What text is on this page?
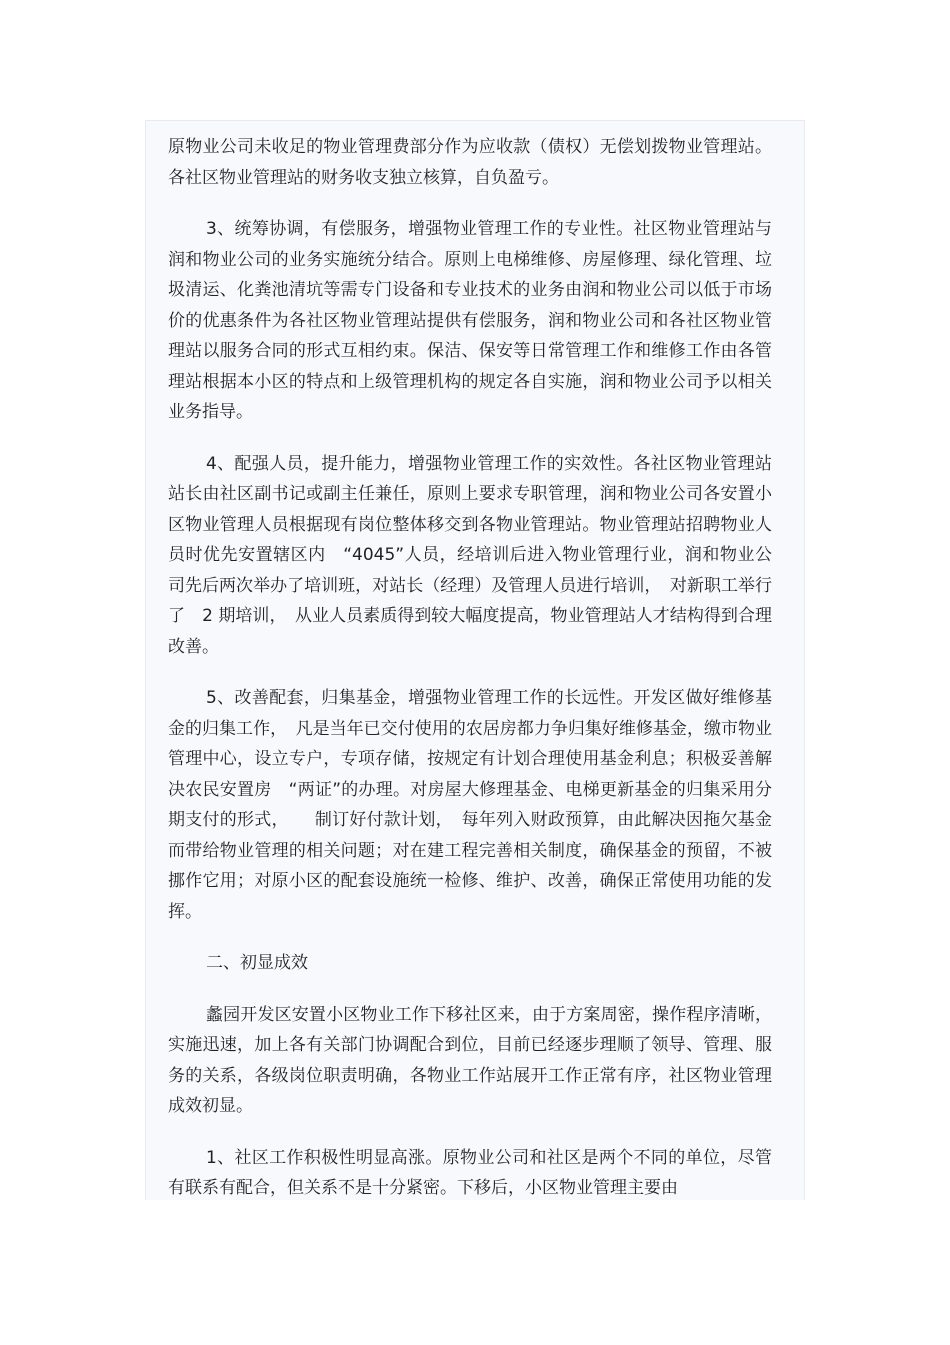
原物业公司未收足的物业管理费部分作为应收款（债权）无偿划拨物业管理站。各社区物业管理站的财务收支独立核算，自负盈亏。

3、统筹协调，有偿服务，增强物业管理工作的专业性。社区物业管理站与润和物业公司的业务实施统分结合。原则上电梯维修、房屋修理、绿化管理、垃圾清运、化粪池清坑等需专门设备和专业技术的业务由润和物业公司以低于市场价的优惠条件为各社区物业管理站提供有偿服务，润和物业公司和各社区物业管理站以服务合同的形式互相约束。保洁、保安等日常管理工作和维修工作由各管理站根据本小区的特点和上级管理机构的规定各自实施，润和物业公司予以相关业务指导。

4、配强人员，提升能力，增强物业管理工作的实效性。各社区物业管理站站长由社区副书记或副主任兼任，原则上要求专职管理，润和物业公司各安置小区物业管理人员根据现有岗位整体移交到各物业管理站。物业管理站招聘物业人员时优先安置辖区内　“4045”人员，经培训后进入物业管理行业，润和物业公司先后两次举办了培训班，对站长（经理）及管理人员进行培训，　对新职工举行了　2 期培训，　从业人员素质得到较大幅度提高，物业管理站人才结构得到合理改善。

5、改善配套，归集基金，增强物业管理工作的长远性。开发区做好维修基金的归集工作，　凡是当年已交付使用的农居房都力争归集好维修基金，缴市物业管理中心，设立专户，专项存储，按规定有计划合理使用基金利息；积极妥善解决农民安置房　“两证”的办理。对房屋大修理基金、电梯更新基金的归集采用分期支付的形式，　　制订好付款计划，　每年列入财政预算，由此解决因拖欠基金而带给物业管理的相关问题；对在建工程完善相关制度，确保基金的预留，不被挪作它用；对原小区的配套设施统一检修、维护、改善，确保正常使用功能的发挥。

二、初显成效

蠡园开发区安置小区物业工作下移社区来，由于方案周密，操作程序清晰，实施迅速，加上各有关部门协调配合到位，目前已经逐步理顺了领导、管理、服务的关系，各级岗位职责明确，各物业工作站展开工作正常有序，社区物业管理成效初显。

1、社区工作积极性明显高涨。原物业公司和社区是两个不同的单位，尽管有联系有配合，但关系不是十分紧密。下移后，小区物业管理主要由
